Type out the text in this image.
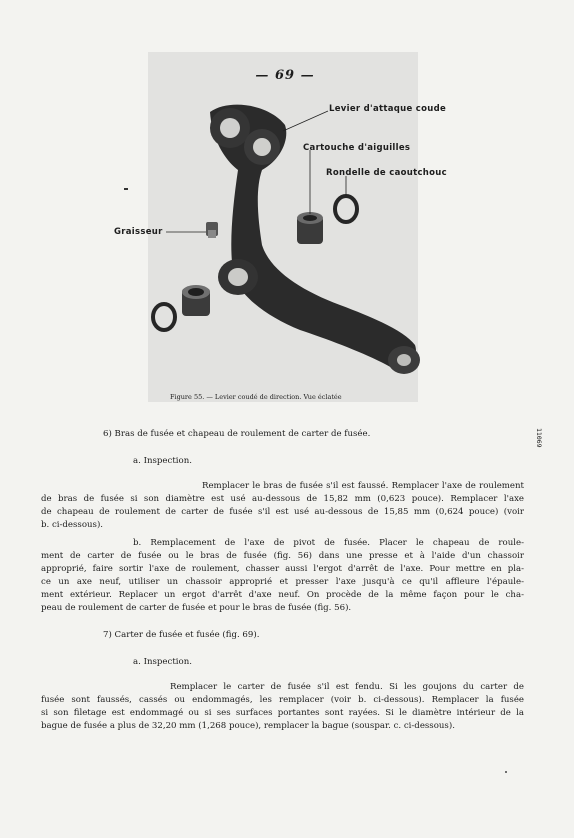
— 69 —
Levier d'attaque coude
Cartouche d'aiguilles
Rondelle de caoutchouc
Graisseur
Figure 55. — Levier coudé de direction. Vue éclatée
11069
6) Bras de fusée et chapeau de roulement de carter de fusée.
a. Inspection.
Remplacer le bras de fusée s'il est faussé. Remplacer l'axe de roulement
de bras de fusée si son diamètre est usé au-dessous de 15,82 mm (0,623 pouce). Remplacer l'axe
de chapeau de roulement de carter de fusée s'il est usé au-dessous de 15,85 mm (0,624 pouce) (voir
b. ci-dessous).
b. Remplacement de l'axe de pivot de fusée. Placer le chapeau de roule-
ment de carter de fusée ou le bras de fusée (fig. 56) dans une presse et à l'aide d'un chassoir
approprié, faire sortir l'axe de roulement, chasser aussi l'ergot d'arrêt de l'axe. Pour mettre en pla-
ce un axe neuf, utiliser un chassoir approprié et presser l'axe jusqu'à ce qu'il affleure l'épaule-
ment extérieur. Replacer un ergot d'arrêt d'axe neuf. On procède de la même façon pour le cha-
peau de roulement de carter de fusée et pour le bras de fusée (fig. 56).
7) Carter de fusée et fusée (fig. 69).
a. Inspection.
Remplacer le carter de fusée s'il est fendu. Si les goujons du carter de
fusée sont faussés, cassés ou endommagés, les remplacer (voir b. ci-dessous). Remplacer la fusée
si son filetage est endommagé ou si ses surfaces portantes sont rayées. Si le diamètre intérieur de la
bague de fusée a plus de 32,20 mm (1,268 pouce), remplacer la bague (souspar. c. ci-dessous).
